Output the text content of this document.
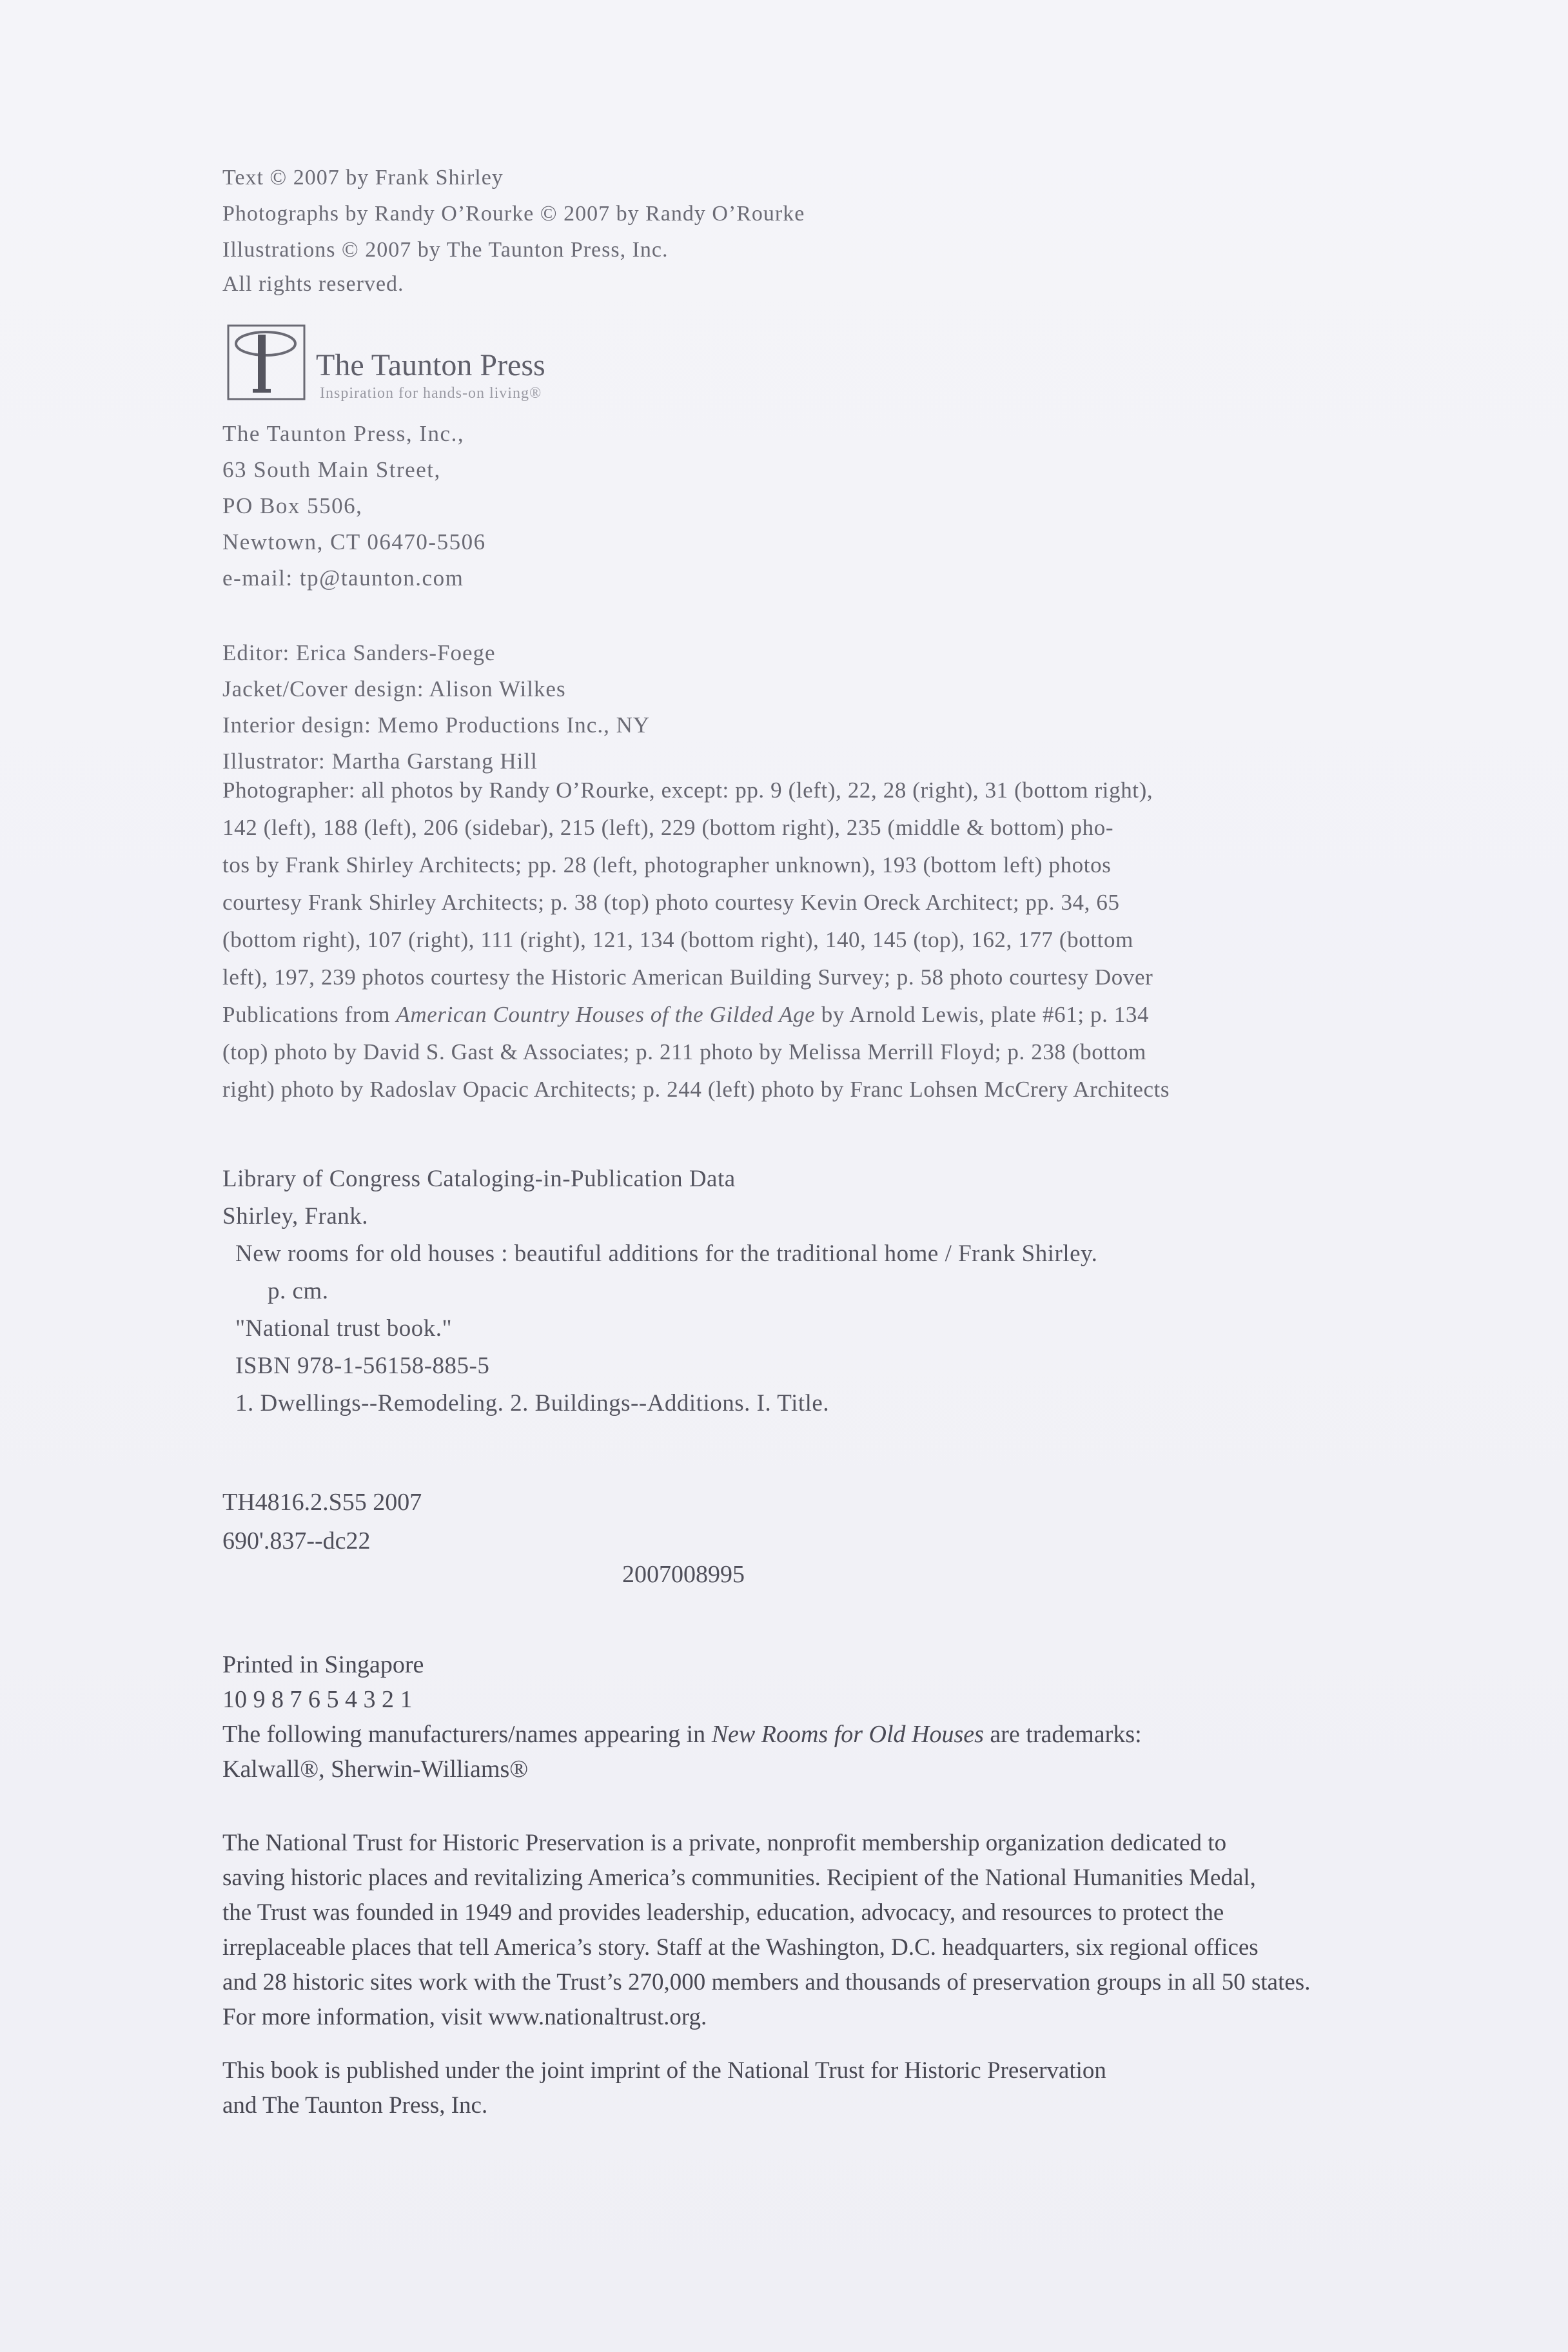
Text © 2007 by Frank Shirley
Photographs by Randy O’Rourke © 2007 by Randy O’Rourke
Illustrations © 2007 by The Taunton Press, Inc.
All rights reserved.
The Taunton Press
Inspiration for hands-on living®
The Taunton Press, Inc.,
63 South Main Street,
PO Box 5506,
Newtown, CT 06470-5506
e-mail: tp@taunton.com
Editor: Erica Sanders-Foege
Jacket/Cover design: Alison Wilkes
Interior design: Memo Productions Inc., NY
Illustrator: Martha Garstang Hill
Photographer: all photos by Randy O’Rourke, except: pp. 9 (left), 22, 28 (right), 31 (bottom right),
142 (left), 188 (left), 206 (sidebar), 215 (left), 229 (bottom right), 235 (middle & bottom) pho-
tos by Frank Shirley Architects; pp. 28 (left, photographer unknown), 193 (bottom left) photos
courtesy Frank Shirley Architects; p. 38 (top) photo courtesy Kevin Oreck Architect; pp. 34, 65
(bottom right), 107 (right), 111 (right), 121, 134 (bottom right), 140, 145 (top), 162, 177 (bottom
left), 197, 239 photos courtesy the Historic American Building Survey; p. 58 photo courtesy Dover
Publications from American Country Houses of the Gilded Age by Arnold Lewis, plate #61; p. 134
(top) photo by David S. Gast & Associates; p. 211 photo by Melissa Merrill Floyd; p. 238 (bottom
right) photo by Radoslav Opacic Architects; p. 244 (left) photo by Franc Lohsen McCrery Architects
Library of Congress Cataloging-in-Publication Data
Shirley, Frank.
New rooms for old houses : beautiful additions for the traditional home / Frank Shirley.
p. cm.
"National trust book."
ISBN 978-1-56158-885-5
1. Dwellings--Remodeling. 2. Buildings--Additions. I. Title.
TH4816.2.S55 2007
690'.837--dc22
2007008995
Printed in Singapore
10 9 8 7 6 5 4 3 2 1
The following manufacturers/names appearing in New Rooms for Old Houses are trademarks:
Kalwall®, Sherwin-Williams®
The National Trust for Historic Preservation is a private, nonprofit membership organization dedicated to
saving historic places and revitalizing America’s communities. Recipient of the National Humanities Medal,
the Trust was founded in 1949 and provides leadership, education, advocacy, and resources to protect the
irreplaceable places that tell America’s story. Staff at the Washington, D.C. headquarters, six regional offices
and 28 historic sites work with the Trust’s 270,000 members and thousands of preservation groups in all 50 states.
For more information, visit www.nationaltrust.org.
This book is published under the joint imprint of the National Trust for Historic Preservation
and The Taunton Press, Inc.
